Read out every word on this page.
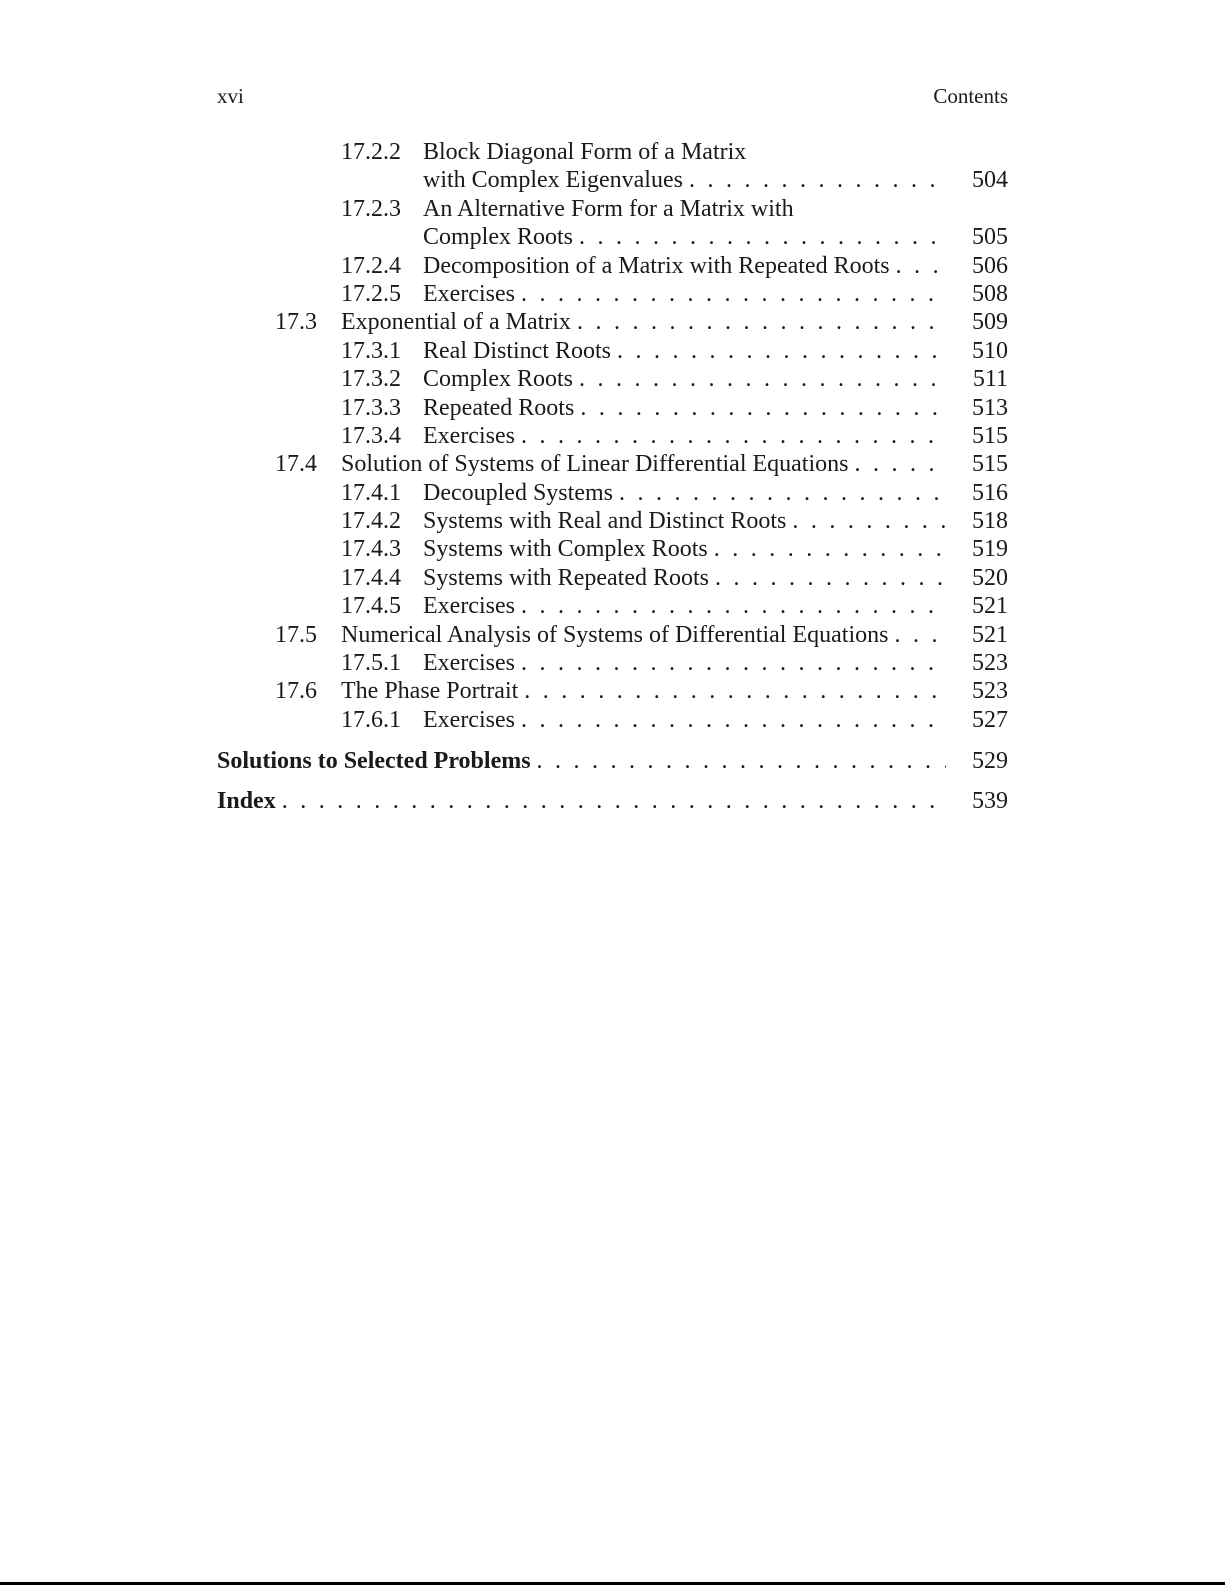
xvi	Contents
17.2.2 Block Diagonal Form of a Matrix
with Complex Eigenvalues . . .	504
17.2.3 An Alternative Form for a Matrix with
Complex Roots . . .	505
17.2.4 Decomposition of a Matrix with Repeated Roots . . .	506
17.2.5 Exercises . . .	508
17.3 Exponential of a Matrix . . .	509
17.3.1 Real Distinct Roots . . .	510
17.3.2 Complex Roots . . .	511
17.3.3 Repeated Roots . . .	513
17.3.4 Exercises . . .	515
17.4 Solution of Systems of Linear Differential Equations . . .	515
17.4.1 Decoupled Systems . . .	516
17.4.2 Systems with Real and Distinct Roots . . .	518
17.4.3 Systems with Complex Roots . . .	519
17.4.4 Systems with Repeated Roots . . .	520
17.4.5 Exercises . . .	521
17.5 Numerical Analysis of Systems of Differential Equations . . .	521
17.5.1 Exercises . . .	523
17.6 The Phase Portrait . . .	523
17.6.1 Exercises . . .	527
Solutions to Selected Problems . . .	529
Index . . .	539
